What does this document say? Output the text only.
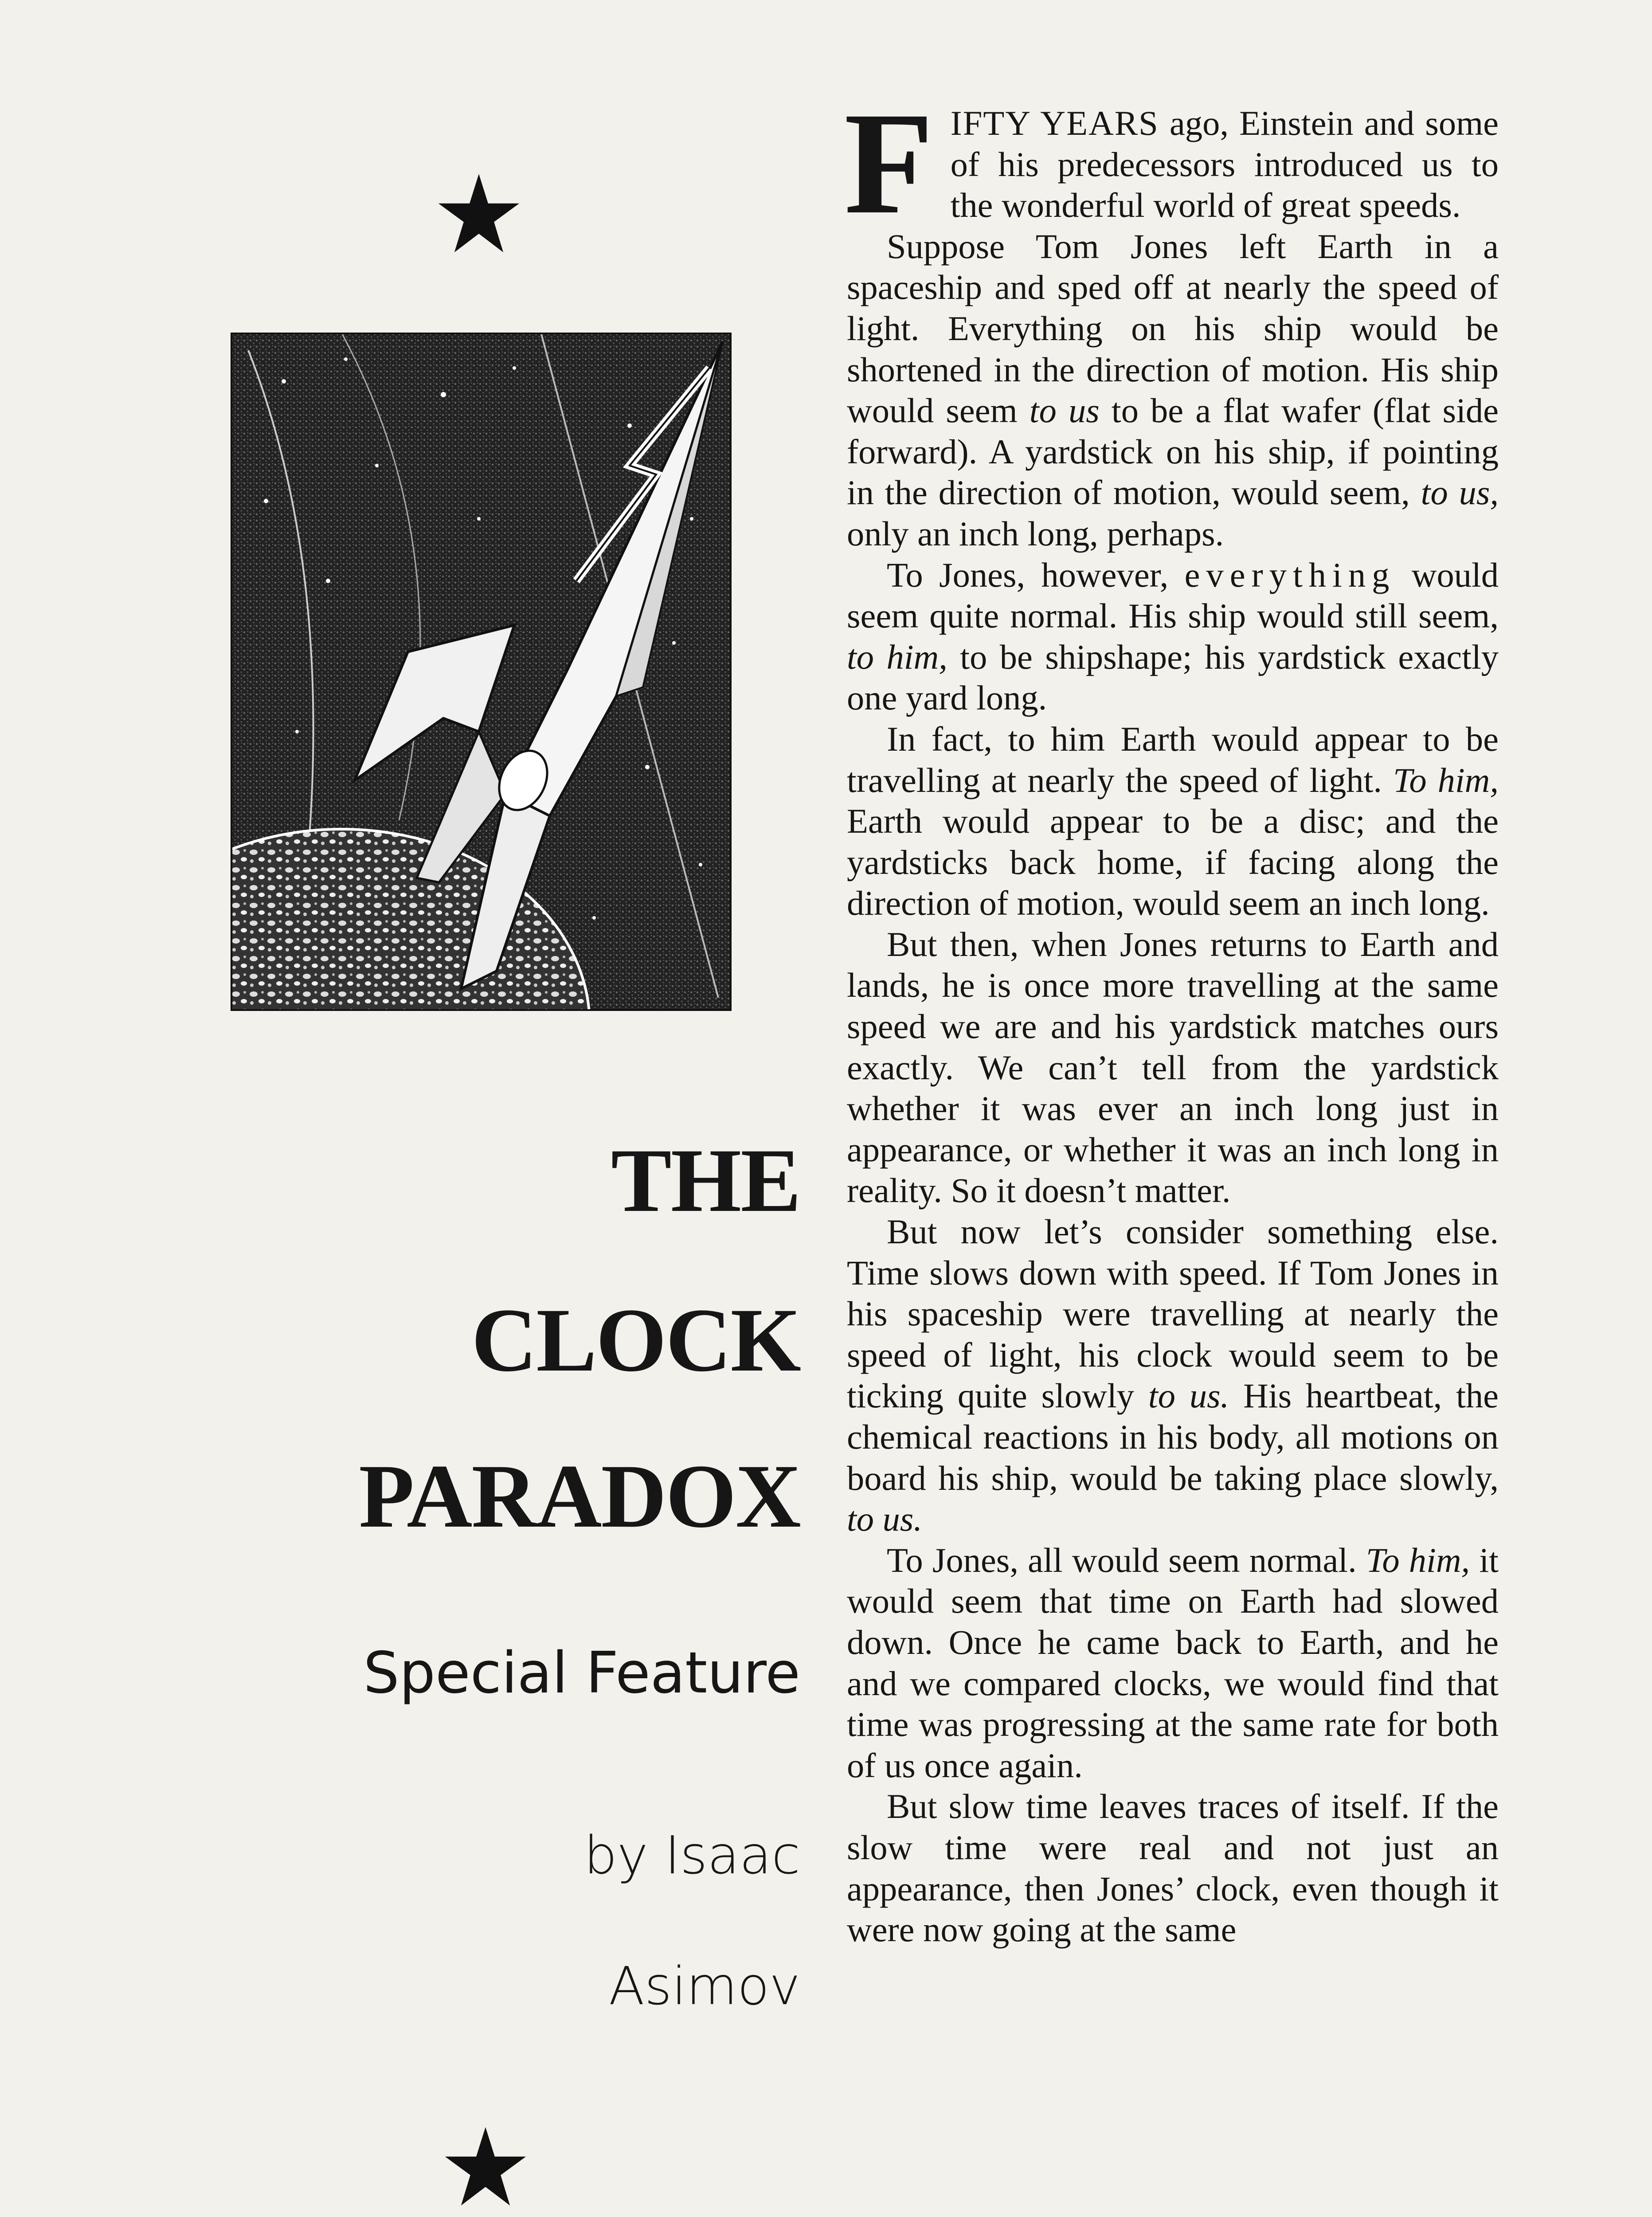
THE
CLOCK
PARADOX
Special Feature
by Isaac
Asimov

FIFTY YEARS ago, Einstein and some of his predecessors introduced us to the wonderful world of great speeds.

Suppose Tom Jones left Earth in a spaceship and sped off at nearly the speed of light. Everything on his ship would be shortened in the direction of motion. His ship would seem to us to be a flat wafer (flat side forward). A yardstick on his ship, if pointing in the direction of motion, would seem, to us, only an inch long, perhaps.

To Jones, however, everything would seem quite normal. His ship would still seem, to him, to be shipshape; his yardstick exactly one yard long.

In fact, to him Earth would appear to be travelling at nearly the speed of light. To him, Earth would appear to be a disc; and the yardsticks back home, if facing along the direction of motion, would seem an inch long.

But then, when Jones returns to Earth and lands, he is once more travelling at the same speed we are and his yardstick matches ours exactly. We can’t tell from the yardstick whether it was ever an inch long just in appearance, or whether it was an inch long in reality. So it doesn’t matter.

But now let’s consider something else. Time slows down with speed. If Tom Jones in his spaceship were travelling at nearly the speed of light, his clock would seem to be ticking quite slowly to us. His heartbeat, the chemical reactions in his body, all motions on board his ship, would be taking place slowly, to us.

To Jones, all would seem normal. To him, it would seem that time on Earth had slowed down. Once he came back to Earth, and he and we compared clocks, we would find that time was progressing at the same rate for both of us once again.

But slow time leaves traces of itself. If the slow time were real and not just an appearance, then Jones’ clock, even though it were now going at the same
